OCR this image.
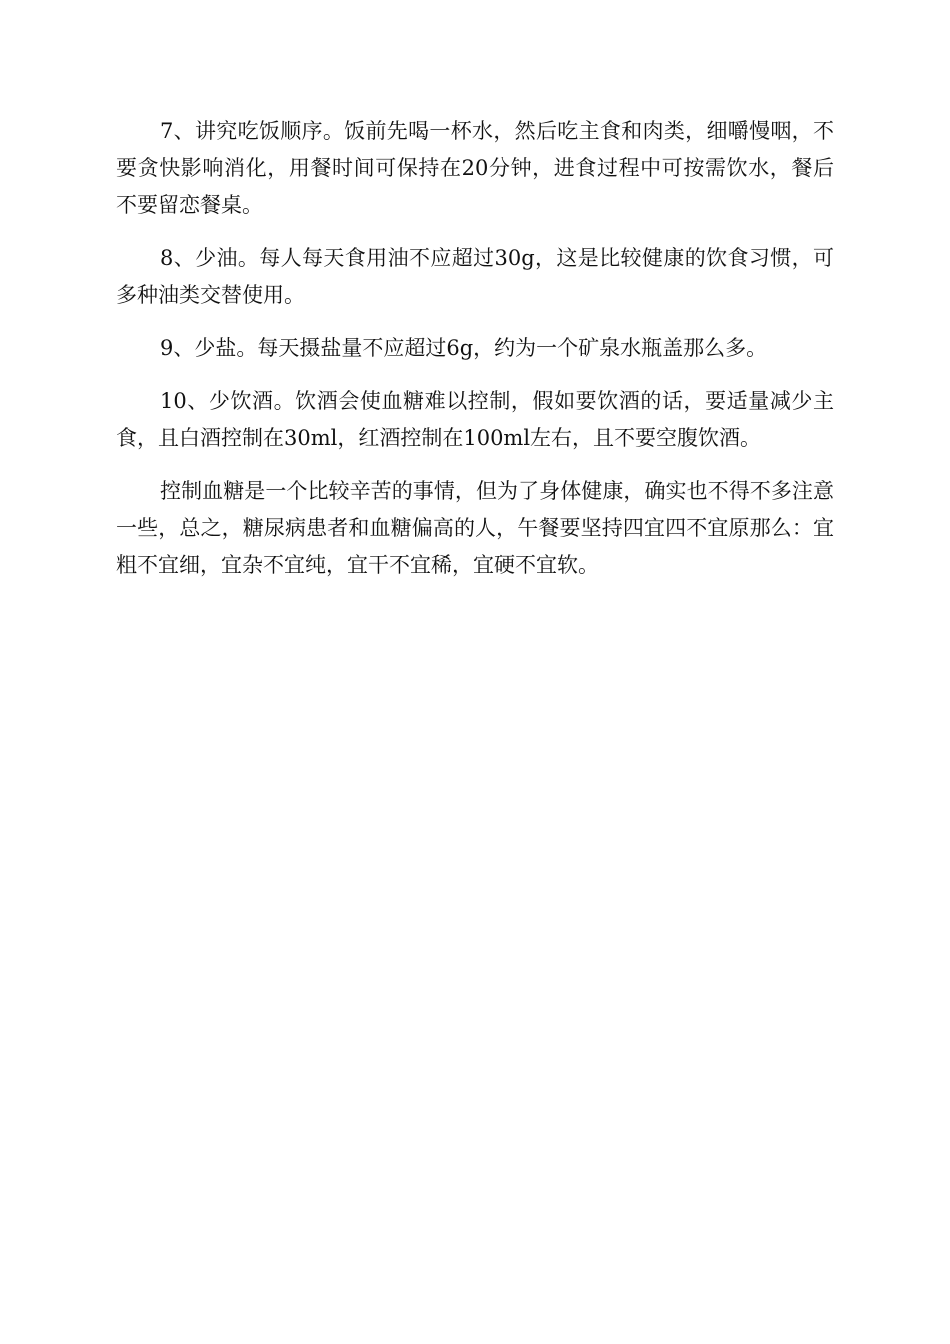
7、讲究吃饭顺序。饭前先喝一杯水，然后吃主食和肉类，细嚼慢咽，不要贪快影响消化，用餐时间可保持在20分钟，进食过程中可按需饮水，餐后不要留恋餐桌。

8、少油。每人每天食用油不应超过30g，这是比较健康的饮食习惯，可多种油类交替使用。

9、少盐。每天摄盐量不应超过6g，约为一个矿泉水瓶盖那么多。

10、少饮酒。饮酒会使血糖难以控制，假如要饮酒的话，要适量减少主食，且白酒控制在30ml，红酒控制在100ml左右，且不要空腹饮酒。

控制血糖是一个比较辛苦的事情，但为了身体健康，确实也不得不多注意一些，总之，糖尿病患者和血糖偏高的人，午餐要坚持四宜四不宜原那么：宜粗不宜细，宜杂不宜纯，宜干不宜稀，宜硬不宜软。
